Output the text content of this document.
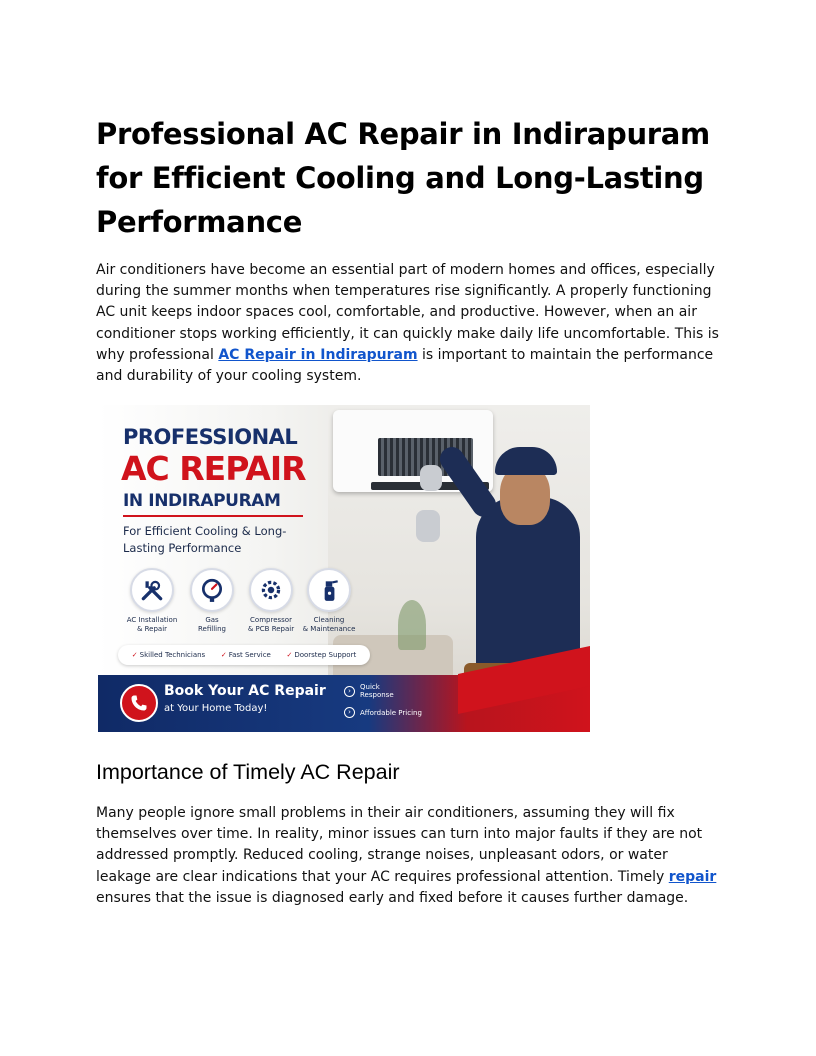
Professional AC Repair in Indirapuram for Efficient Cooling and Long-Lasting Performance

Air conditioners have become an essential part of modern homes and offices, especially during the summer months when temperatures rise significantly. A properly functioning AC unit keeps indoor spaces cool, comfortable, and productive. However, when an air conditioner stops working efficiently, it can quickly make daily life uncomfortable. This is why professional AC Repair in Indirapuram is important to maintain the performance and durability of your cooling system.

PROFESSIONAL
AC REPAIR
IN INDIRAPURAM
For Efficient Cooling & Long-Lasting Performance
AC Installation
& Repair
Gas
Refilling
Compressor
& PCB Repair
Cleaning
& Maintenance
✓ Skilled Technicians ✓ Fast Service ✓ Doorstep Support
Book Your AC Repair
at Your Home Today!
›	Quick Response
›	Affordable Pricing
Importance of Timely AC Repair

Many people ignore small problems in their air conditioners, assuming they will fix themselves over time. In reality, minor issues can turn into major faults if they are not addressed promptly. Reduced cooling, strange noises, unpleasant odors, or water leakage are clear indications that your AC requires professional attention. Timely repair ensures that the issue is diagnosed early and fixed before it causes further damage.
